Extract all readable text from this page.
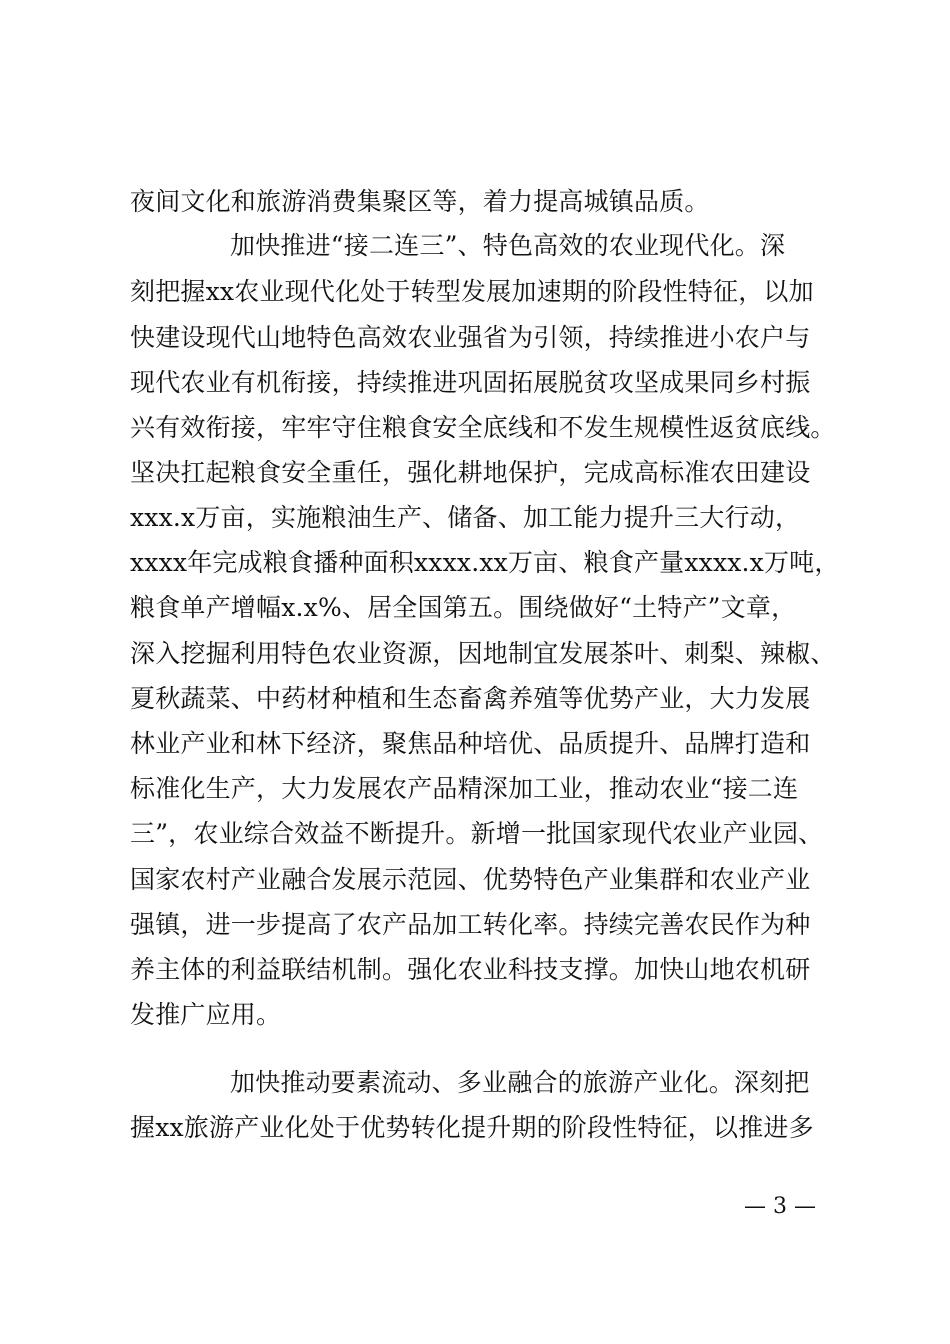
夜间文化和旅游消费集聚区等，着力提高城镇品质。
加快推进“接二连三”、特色高效的农业现代化。深
刻把握xx农业现代化处于转型发展加速期的阶段性特征，以加
快建设现代山地特色高效农业强省为引领，持续推进小农户与
现代农业有机衔接，持续推进巩固拓展脱贫攻坚成果同乡村振
兴有效衔接，牢牢守住粮食安全底线和不发生规模性返贫底线。
坚决扛起粮食安全重任，强化耕地保护，完成高标准农田建设
xxx.x万亩，实施粮油生产、储备、加工能力提升三大行动，
xxxx年完成粮食播种面积xxxx.xx万亩、粮食产量xxxx.x万吨，
粮食单产增幅x.x%、居全国第五。围绕做好“土特产”文章，
深入挖掘利用特色农业资源，因地制宜发展茶叶、刺梨、辣椒、
夏秋蔬菜、中药材种植和生态畜禽养殖等优势产业，大力发展
林业产业和林下经济，聚焦品种培优、品质提升、品牌打造和
标准化生产，大力发展农产品精深加工业，推动农业“接二连
三”，农业综合效益不断提升。新增一批国家现代农业产业园、
国家农村产业融合发展示范园、优势特色产业集群和农业产业
强镇，进一步提高了农产品加工转化率。持续完善农民作为种
养主体的利益联结机制。强化农业科技支撑。加快山地农机研
发推广应用。
加快推动要素流动、多业融合的旅游产业化。深刻把
握xx旅游产业化处于优势转化提升期的阶段性特征，以推进多
— 3 —
